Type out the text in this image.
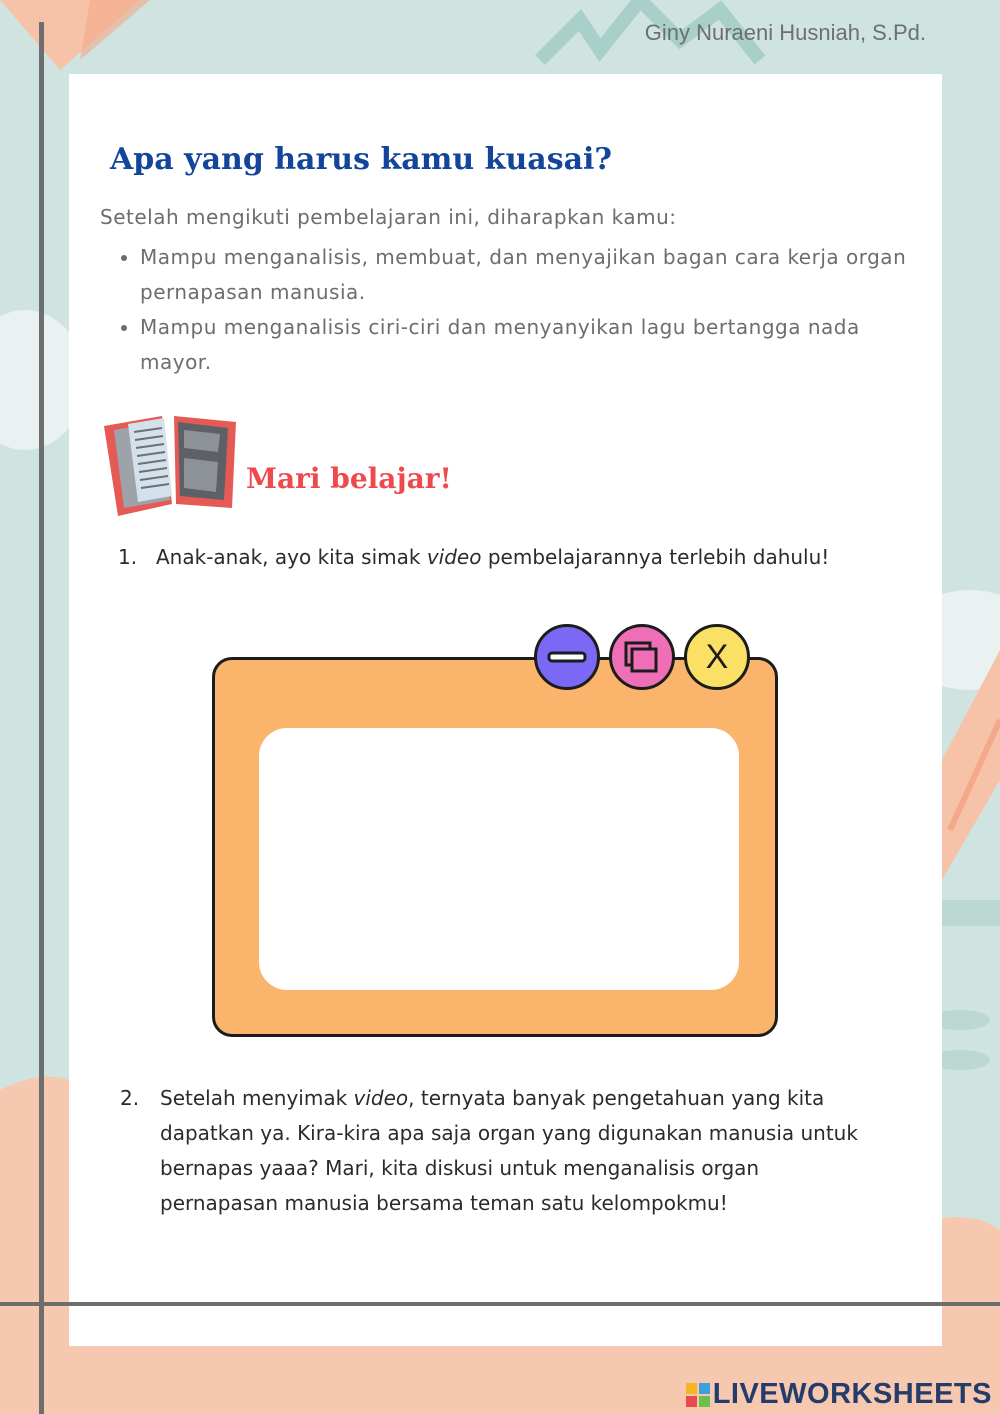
Giny Nuraeni Husniah, S.Pd.
Apa yang harus kamu kuasai?

Setelah mengikuti pembelajaran ini, diharapkan kamu:

• Mampu menganalisis, membuat, dan menyajikan bagan cara kerja organ pernapasan manusia.
• Mampu menganalisis ciri-ciri dan menyanyikan lagu bertangga nada mayor.
Mari belajar!
1. Anak-anak, ayo kita simak video pembelajarannya terlebih dahulu!
X
2. Setelah menyimak video, ternyata banyak pengetahuan yang kita dapatkan ya. Kira-kira apa saja organ yang digunakan manusia untuk bernapas yaaa? Mari, kita diskusi untuk menganalisis organ pernapasan manusia bersama teman satu kelompokmu!
LIVEWORKSHEETS
